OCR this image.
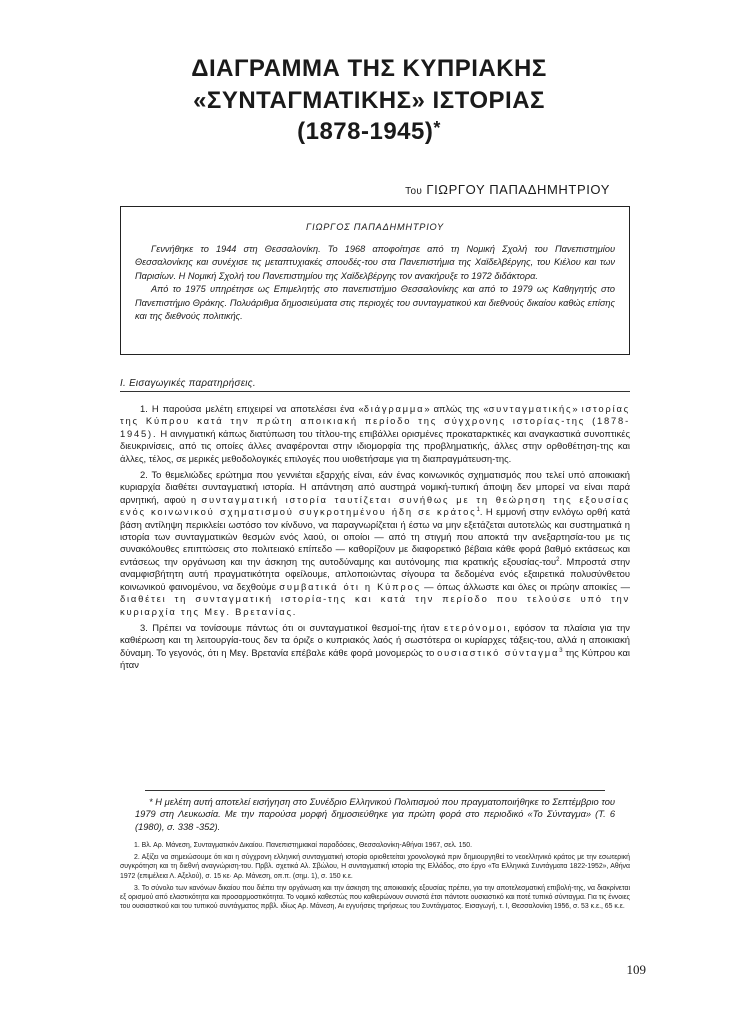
ΔΙΑΓΡΑΜΜΑ ΤΗΣ ΚΥΠΡΙΑΚΗΣ
«ΣΥΝΤΑΓΜΑΤΙΚΗΣ» ΙΣΤΟΡΙΑΣ
(1878-1945)*
Του ΓΙΩΡΓΟΥ ΠΑΠΑΔΗΜΗΤΡΙΟΥ
ΓΙΩΡΓΟΣ ΠΑΠΑΔΗΜΗΤΡΙΟΥ

Γεννήθηκε το 1944 στη Θεσσαλονίκη. Το 1968 αποφοίτησε από τη Νομική Σχολή του Πανεπιστημίου Θεσσαλονίκης και συνέχισε τις μεταπτυχιακές σπουδές-του στα Πανεπιστήμια της Χαϊδελβέργης, του Κιέλου και των Παρισίων. Η Νομική Σχολή του Πανεπιστημίου της Χαϊδελβέργης τον ανακήρυξε το 1972 διδάκτορα.

Από το 1975 υπηρέτησε ως Επιμελητής στο πανεπιστήμιο Θεσσαλονίκης και από το 1979 ως Καθηγητής στο Πανεπιστήμιο Θράκης. Πολυάριθμα δημοσιεύματα στις περιοχές του συνταγματικού και διεθνούς δικαίου καθώς επίσης και της διεθνούς πολιτικής.

Ι. Εισαγωγικές παρατηρήσεις.

1. Η παρούσα μελέτη επιχειρεί να αποτελέσει ένα «διάγραμμα» απλώς της «συνταγματικής» ιστορίας της Κύπρου κατά την πρώτη αποικιακή περίοδο της σύγχρονης ιστορίας-της (1878-1945). Η αινιγματική κάπως διατύπωση του τίτλου-της επιβάλλει ορισμένες προκαταρκτικές και αναγκαστικά συνοπτικές διευκρινίσεις, από τις οποίες άλλες αναφέρονται στην ιδιομορφία της προβληματικής, άλλες στην ορθοθέτηση-της και άλλες, τέλος, σε μερικές μεθοδολογικές επιλογές που υιοθετήσαμε για τη διαπραγμάτευση-της.

2. Το θεμελιώδες ερώτημα που γεννιέται εξαρχής είναι, εάν ένας κοινωνικός σχηματισμός που τελεί υπό αποικιακή κυριαρχία διαθέτει συνταγματική ιστορία. Η απάντηση από αυστηρά νομική-τυπική άποψη δεν μπορεί να είναι παρά αρνητική, αφού η συνταγματική ιστορία ταυτίζεται συνήθως με τη θεώρηση της εξουσίας ενός κοινωνικού σχηματισμού συγκροτημένου ήδη σε κράτος$^1$. Η εμμονή στην ενλόγω ορθή κατά βάση αντίληψη περικλείει ωστόσο τον κίνδυνο, να παραγνωρίζεται ή έστω να μην εξετάζεται αυτοτελώς και συστηματικά η ιστορία των συνταγματικών θεσμών ενός λαού, οι οποίοι — από τη στιγμή που αποκτά την ανεξαρτησία-του με τις συνακόλουθες επιπτώσεις στο πολιτειακό επίπεδο — καθορίζουν με διαφορετικό βέβαια κάθε φορά βαθμό εκτάσεως και εντάσεως την οργάνωση και την άσκηση της αυτοδύναμης και αυτόνομης πια κρατικής εξουσίας-του$^2$. Μπροστά στην αναμφισβήτητη αυτή πραγματικότητα οφείλουμε, απλοποιώντας σίγουρα τα δεδομένα ενός εξαιρετικά πολυσύνθετου κοινωνικού φαινομένου, να δεχθούμε συμβατικά ότι η Κύπρος — όπως άλλωστε και όλες οι πρώην αποικίες — διαθέτει τη συνταγματική ιστορία-της και κατά την περίοδο που τελούσε υπό την κυριαρχία της Μεγ. Βρετανίας.

3. Πρέπει να τονίσουμε πάντως ότι οι συνταγματικοί θεσμοί-της ήταν ετερόνομοι, εφόσον τα πλαίσια για την καθιέρωση και τη λειτουργία-τους δεν τα όριζε ο κυπριακός λαός ή σωστότερα οι κυρίαρχες τάξεις-του, αλλά η αποικιακή δύναμη. Το γεγονός, ότι η Μεγ. Βρετανία επέβαλε κάθε φορά μονομερώς το ουσιαστικό σύνταγμα$^3$ της Κύπρου και ήταν

* Η μελέτη αυτή αποτελεί εισήγηση στο Συνέδριο Ελληνικού Πολιτισμού που πραγματοποιήθηκε το Σεπτέμβριο του 1979 στη Λευκωσία. Με την παρούσα μορφή δημοσιεύθηκε για πρώτη φορά στο περιοδικό «Το Σύνταγμα» (Τ. 6 (1980), σ. 338 -352).

1. Βλ. Αρ. Μάνεση, Συνταγματικόν Δικαίου. Πανεπιστημιακαί παραδόσεις, Θεσσαλονίκη-Αθήναι 1967, σελ. 150.

2. Αξίζει να σημειώσουμε ότι και η σύγχρονη ελληνική συνταγματική ιστορία οριοθετείται χρονολογικά πριν δημιουργηθεί το νεοελληνικό κράτος με την εσωτερική συγκρότηση και τη διεθνή αναγνώριση-του. Πρβλ. σχετικά Αλ. Σβώλου, Η συνταγματική ιστορία της Ελλάδος, στο έργο «Τα Ελληνικά Συντάγματα 1822-1952», Αθήνα 1972 (επιμέλεια Λ. Αξελού), σ. 15 κε· Αρ. Μάνεση, οπ.π. (σημ. 1), σ. 150 κ.ε.

3. Το σύνολο των κανόνων δικαίου που διέπει την οργάνωση και την άσκηση της αποικιακής εξουσίας πρέπει, για την αποτελεσματική επιβολή-της, να διακρίνεται εξ ορισμού από ελαστικότητα και προσαρμοστικότητα. Το νομικό καθεστώς που καθιερώνουν συνιστά έτσι πάντοτε ουσιαστικό και ποτέ τυπικό σύνταγμα. Για τις έννοιες του ουσιαστικού και του τυπικού συντάγματος πρβλ. ιδίως Αρ. Μάνεση, Αι εγγυήσεις τηρήσεως του Συντάγματος. Εισαγωγή, τ. Ι, Θεσσαλονίκη 1956, σ. 53 κ.ε., 65 κ.ε.

109
